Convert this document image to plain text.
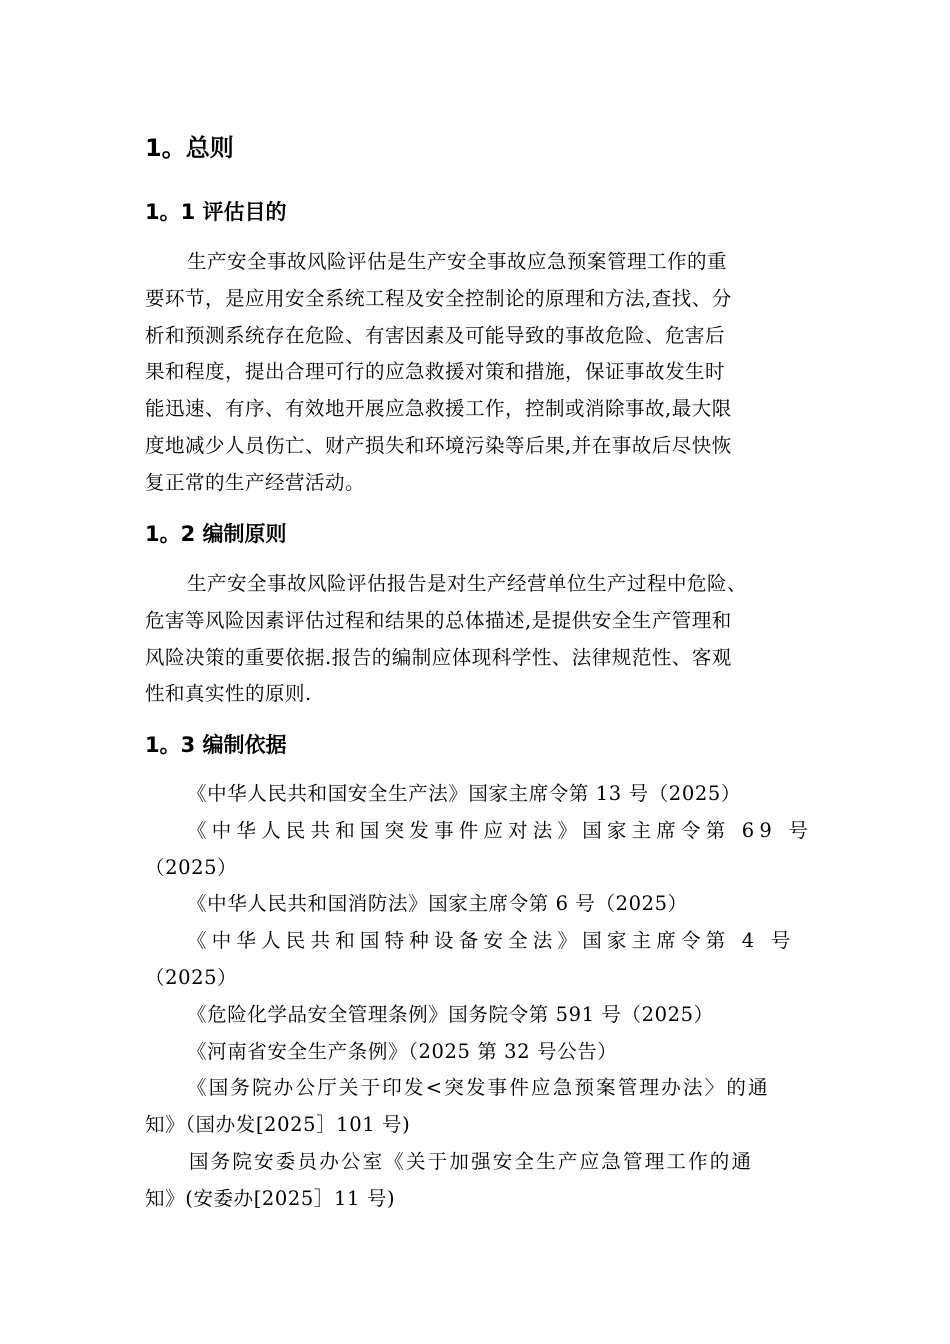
1。总则
1。1 评估目的
生产安全事故风险评估是生产安全事故应急预案管理工作的重
要环节，是应用安全系统工程及安全控制论的原理和方法,查找、分
析和预测系统存在危险、有害因素及可能导致的事故危险、危害后
果和程度，提出合理可行的应急救援对策和措施，保证事故发生时
能迅速、有序、有效地开展应急救援工作，控制或消除事故,最大限
度地减少人员伤亡、财产损失和环境污染等后果,并在事故后尽快恢
复正常的生产经营活动。
1。2 编制原则
生产安全事故风险评估报告是对生产经营单位生产过程中危险、
危害等风险因素评估过程和结果的总体描述,是提供安全生产管理和
风险决策的重要依据.报告的编制应体现科学性、法律规范性、客观
性和真实性的原则.
1。3 编制依据
《中华人民共和国安全生产法》国家主席令第 13 号（2025）
《中华人民共和国突发事件应对法》国家主席令第 69 号
（2025）
《中华人民共和国消防法》国家主席令第 6 号（2025）
《中华人民共和国特种设备安全法》国家主席令第 4 号
（2025）
《危险化学品安全管理条例》国务院令第 591 号（2025）
《河南省安全生产条例》（2025 第 32 号公告）
《国务院办公厅关于印发<突发事件应急预案管理办法〉的通
知》（国办发[2025］101 号)
国务院安委员办公室《关于加强安全生产应急管理工作的通
知》(安委办[2025］11 号)
